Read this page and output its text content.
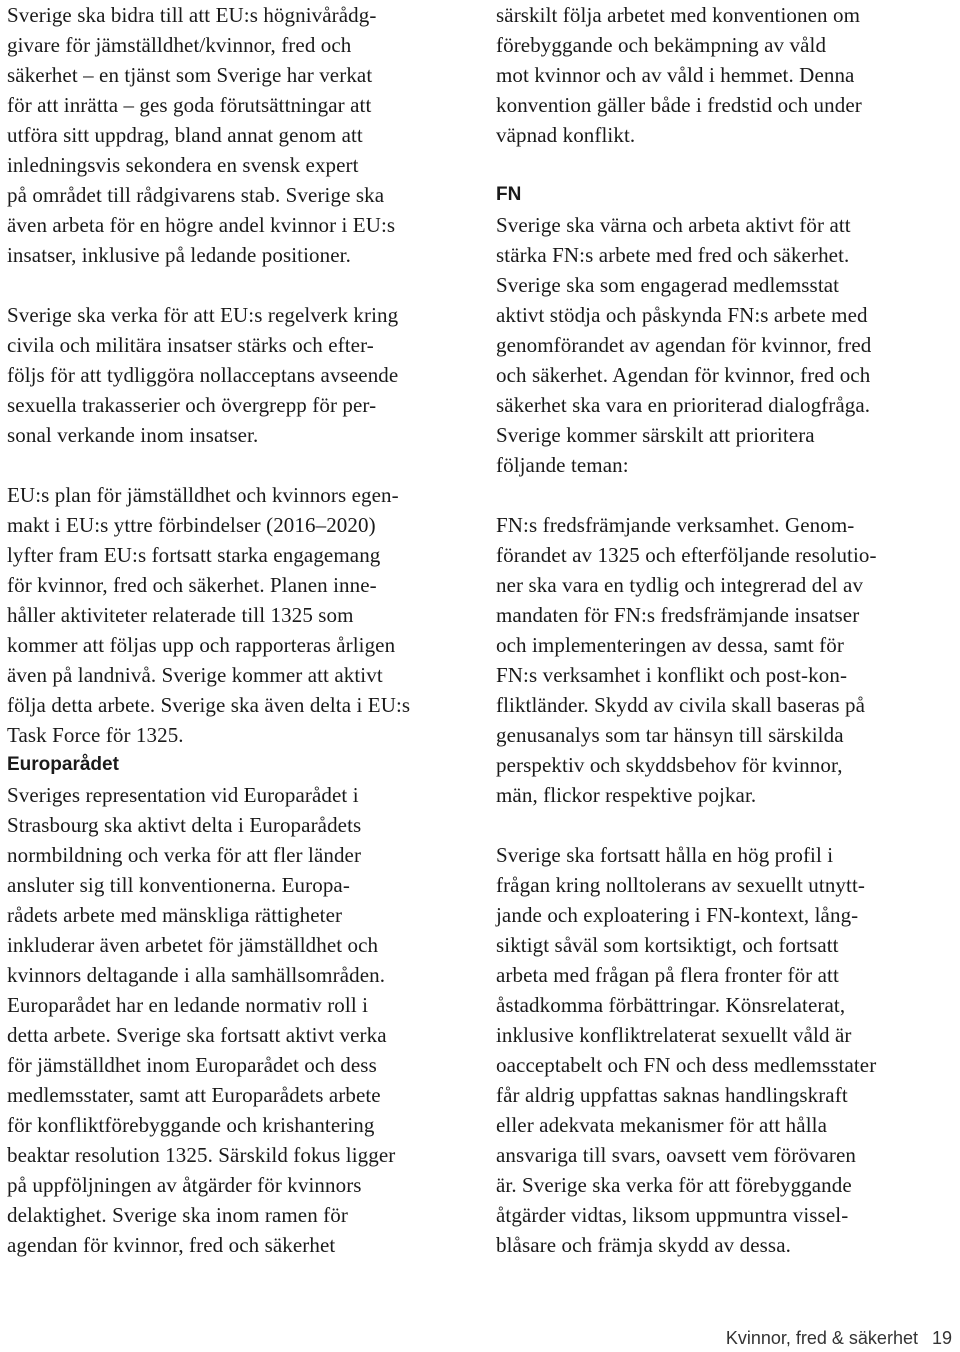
Sverige ska bidra till att EU:s högnivårådg-
givare för jämställdhet/kvinnor, fred och
säkerhet – en tjänst som Sverige har verkat
för att inrätta – ges goda förutsättningar att
utföra sitt uppdrag, bland annat genom att
inledningsvis sekondera en svensk expert
på området till rådgivarens stab. Sverige ska
även arbeta för en högre andel kvinnor i EU:s
insatser, inklusive på ledande positioner.

Sverige ska verka för att EU:s regelverk kring
civila och militära insatser stärks och efter-
följs för att tydliggöra nollacceptans avseende
sexuella trakasserier och övergrepp för per-
sonal verkande inom insatser.

EU:s plan för jämställdhet och kvinnors egen-
makt i EU:s yttre förbindelser (2016–2020)
lyfter fram EU:s fortsatt starka engagemang
för kvinnor, fred och säkerhet. Planen inne-
håller aktiviteter relaterade till 1325 som
kommer att följas upp och rapporteras årligen
även på landnivå. Sverige kommer att aktivt
följa detta arbete. Sverige ska även delta i EU:s
Task Force för 1325.

Europarådet

Sveriges representation vid Europarådet i
Strasbourg ska aktivt delta i Europarådets
normbildning och verka för att fler länder
ansluter sig till konventionerna. Europa-
rådets arbete med mänskliga rättigheter
inkluderar även arbetet för jämställdhet och
kvinnors deltagande i alla samhällsområden.
Europarådet har en ledande normativ roll i
detta arbete. Sverige ska fortsatt aktivt verka
för jämställdhet inom Europarådet och dess
medlemsstater, samt att Europarådets arbete
för konfliktförebyggande och krishantering
beaktar resolution 1325. Särskild fokus ligger
på uppföljningen av åtgärder för kvinnors
delaktighet. Sverige ska inom ramen för
agendan för kvinnor, fred och säkerhet

särskilt följa arbetet med konventionen om
förebyggande och bekämpning av våld
mot kvinnor och av våld i hemmet. Denna
konvention gäller både i fredstid och under
väpnad konflikt.

FN

Sverige ska värna och arbeta aktivt för att
stärka FN:s arbete med fred och säkerhet.
Sverige ska som engagerad medlemsstat
aktivt stödja och påskynda FN:s arbete med
genomförandet av agendan för kvinnor, fred
och säkerhet. Agendan för kvinnor, fred och
säkerhet ska vara en prioriterad dialogfråga.
Sverige kommer särskilt att prioritera
följande teman:

FN:s fredsfrämjande verksamhet. Genom-
förandet av 1325 och efterföljande resolutio-
ner ska vara en tydlig och integrerad del av
mandaten för FN:s fredsfrämjande insatser
och implementeringen av dessa, samt för
FN:s verksamhet i konflikt och post-kon-
fliktländer. Skydd av civila skall baseras på
genusanalys som tar hänsyn till särskilda
perspektiv och skyddsbehov för kvinnor,
män, flickor respektive pojkar.

Sverige ska fortsatt hålla en hög profil i
frågan kring nolltolerans av sexuellt utnytt-
jande och exploatering i FN-kontext, lång-
siktigt såväl som kortsiktigt, och fortsatt
arbeta med frågan på flera fronter för att
åstadkomma förbättringar. Könsrelaterat,
inklusive konfliktrelaterat sexuellt våld är
oacceptabelt och FN och dess medlemsstater
får aldrig uppfattas saknas handlingskraft
eller adekvata mekanismer för att hålla
ansvariga till svars, oavsett vem förövaren
är. Sverige ska verka för att förebyggande
åtgärder vidtas, liksom uppmuntra vissel-
blåsare och främja skydd av dessa.

Kvinnor, fred & säkerhet 19
